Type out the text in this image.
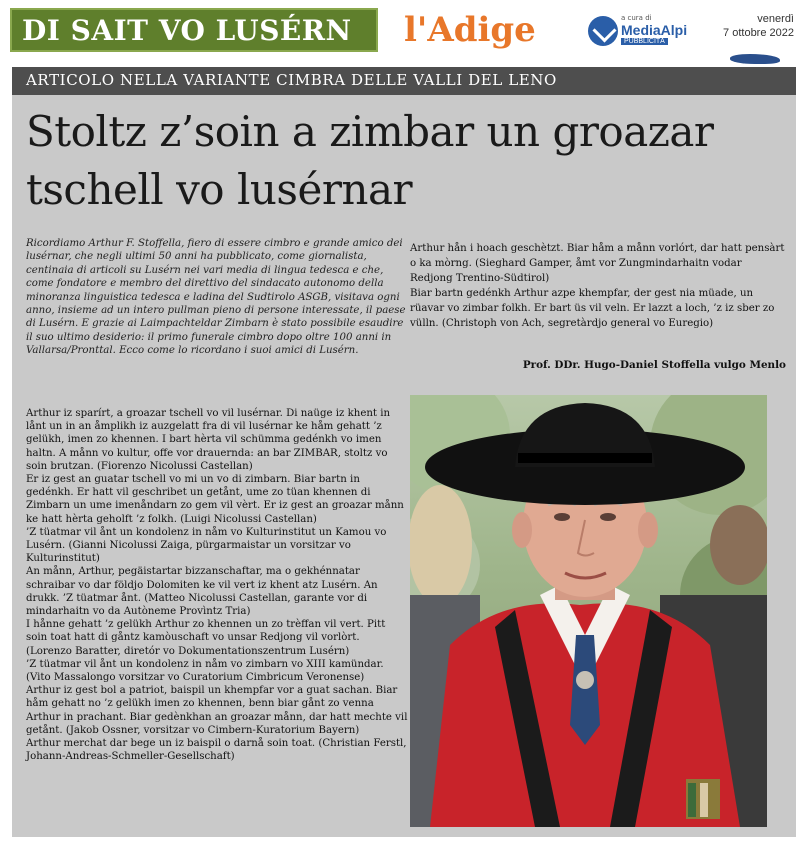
DI SAIT VO LUSÉRN l'Adige	a cura di
MediaAlpi
PUBBLICITÀ
venerdì
7 ottobre 2022
ARTICOLO NELLA VARIANTE CIMBRA DELLE VALLI DEL LENO
Stoltz z’soin a zimbar un groazar tschell vo lusérnar
Ricordiamo Arthur F. Stoffella, fiero di essere cimbro e grande amico dei lusérnar, che negli ultimi 50 anni ha pubblicato, come giornalista, centinaia di articoli su Lusérn nei vari media di lingua tedesca e che, come fondatore e membro del direttivo del sindacato autonomo della minoranza linguistica tedesca e ladina del Sudtirolo ASGB, visitava ogni anno, insieme ad un intero pullman pieno di persone interessate, il paese di Lusérn. E grazie ai Laimpachteldar Zimbarn è stato possibile esaudire il suo ultimo desiderio: il primo funerale cimbro dopo oltre 100 anni in Vallarsa/Pronttal. Ecco come lo ricordano i suoi amici di Lusérn.

Arthur iz sparírt, a groazar tschell vo vil lusérnar. Di naüge iz khent in lånt un in an åmplikh iz auzgelatt fra di vil lusérnar ke håm gehatt ’z gelükh, imen zo khennen. I bart hèrta vil schümma gedénkh vo imen haltn. A månn vo kultur, offe vor drauernda: an bar ZIMBAR, stoltz vo soin brutzan. (Fiorenzo Nicolussi Castellan)

Er iz gest an guatar tschell vo mi un vo di zimbarn. Biar bartn in gedénkh. Er hatt vil geschribet un getånt, ume zo tüan khennen di Zimbarn un ume imenåndarn zo gem vil vèrt. Er iz gest an groazar månn ke hatt hèrta geholft ’z folkh. (Luigi Nicolussi Castellan)

’Z tüatmar vil ånt un kondolenz in nåm vo Kulturinstitut un Kamou vo Lusérn. (Gianni Nicolussi Zaiga, pürgarmaistar un vorsitzar vo Kulturinstitut)

An månn, Arthur, pegäistartar bizzanschaftar, ma o gekhénnatar schraibar vo dar földjo Dolomiten ke vil vert iz khent atz Lusérn. An drukk. ’Z tüatmar ånt. (Matteo Nicolussi Castellan, garante vor di mindarhaitn vo da Autòneme Provìntz Tria)

I hånne gehatt ’z gelükh Arthur zo khennen un zo trèffan vil vert. Pitt soin toat hatt di gåntz kamòuschaft vo unsar Redjong vil vorlòrt. (Lorenzo Baratter, diretór vo Dokumentationszentrum Lusérn)

’Z tüatmar vil ånt un kondolenz in nåm vo zimbarn vo XIII kamündar. (Vito Massalongo vorsitzar vo Curatorium Cimbricum Veronense)

Arthur iz gest bol a patriot, baispil un khempfar vor a guat sachan. Biar håm gehatt no ’z gelükh imen zo khennen, benn biar gånt zo venna Arthur in prachant. Biar gedènkhan an groazar månn, dar hatt mechte vil getånt. (Jakob Ossner, vorsitzar vo Cimbern-Kuratorium Bayern)

Arthur merchat dar bege un iz baispil o darnå soin toat. (Christian Ferstl, Johann-Andreas-Schmeller-Gesellschaft)

Arthur hån i hoach geschètzt. Biar håm a månn vorlórt, dar hatt pensàrt o ka mòrng. (Sieghard Gamper, åmt vor Zungmindarhaitn vodar Redjong Trentino-Südtirol)

Biar bartn gedénkh Arthur azpe khempfar, der gest nia müade, un rüavar vo zimbar folkh. Er bart üs vil veln. Er lazzt a loch, ’z iz sber zo vülln. (Christoph von Ach, segretàrdjo general vo Euregio)

Prof. DDr. Hugo-Daniel Stoffella vulgo Menlo
